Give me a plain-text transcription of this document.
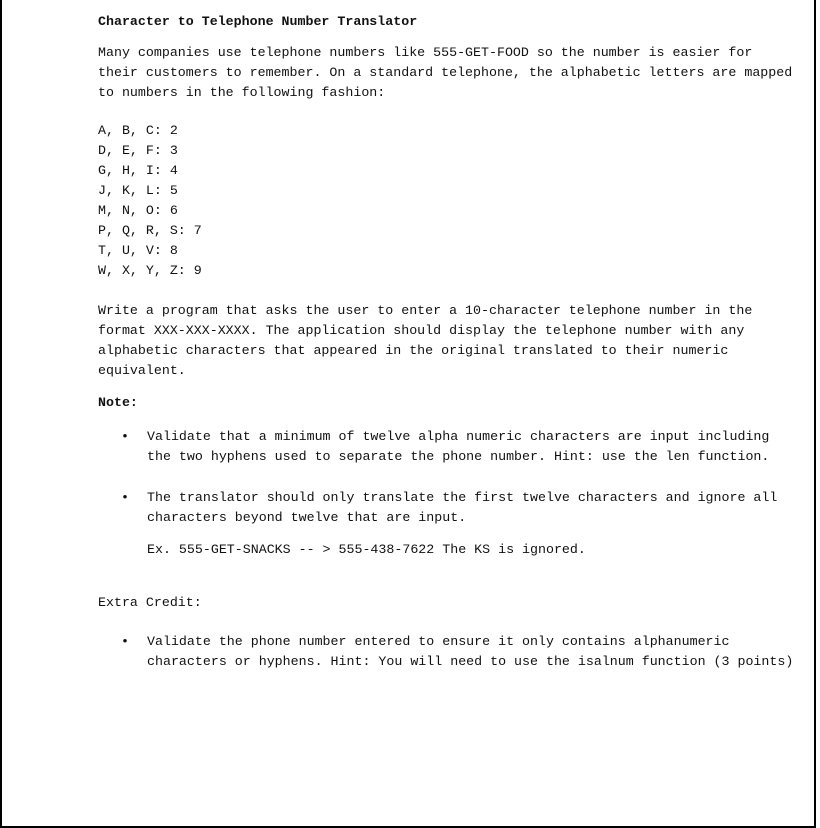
Character to Telephone Number Translator

Many companies use telephone numbers like 555-GET-FOOD so the number is easier for their customers to remember. On a standard telephone, the alphabetic letters are mapped to numbers in the following fashion:

A, B, C: 2
D, E, F: 3
G, H, I: 4
J, K, L: 5
M, N, O: 6
P, Q, R, S: 7
T, U, V: 8
W, X, Y, Z: 9

Write a program that asks the user to enter a 10-character telephone number in the format XXX-XXX-XXXX. The application should display the telephone number with any alphabetic characters that appeared in the original translated to their numeric equivalent.

Note:
• Validate that a minimum of twelve alpha numeric characters are input including the two hyphens used to separate the phone number. Hint: use the len function.
• The translator should only translate the first twelve characters and ignore all characters beyond twelve that are input.
Ex. 555-GET-SNACKS -- > 555-438-7622 The KS is ignored.
Extra Credit:
• Validate the phone number entered to ensure it only contains alphanumeric characters or hyphens. Hint: You will need to use the isalnum function (3 points)
